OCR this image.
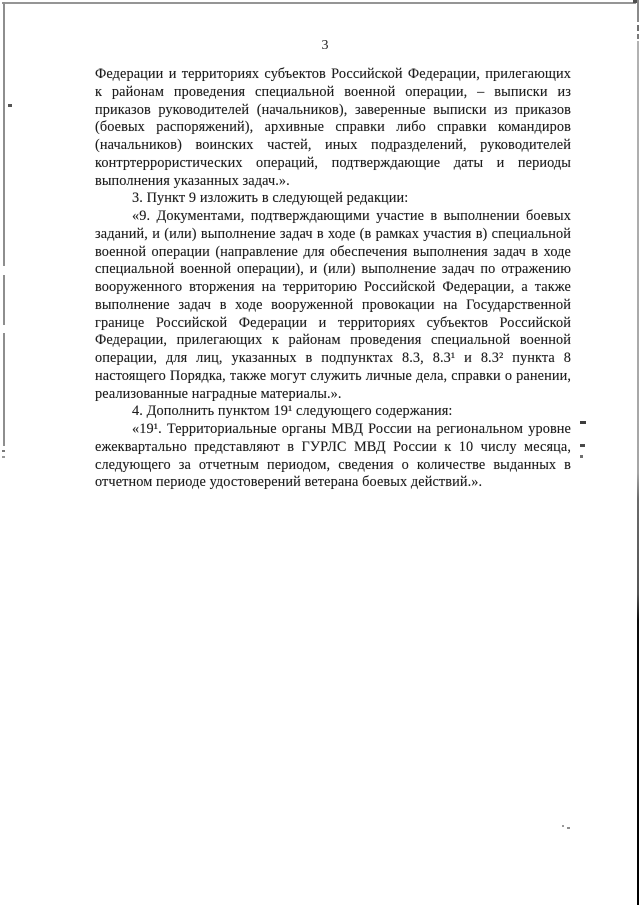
3

Федерации и территориях субъектов Российской Федерации, прилегающих к районам проведения специальной военной операции, – выписки из приказов руководителей (начальников), заверенные выписки из приказов (боевых распоряжений), архивные справки либо справки командиров (начальников) воинских частей, иных подразделений, руководителей контртеррористических операций, подтверждающие даты и периоды выполнения указанных задач.».

3. Пункт 9 изложить в следующей редакции:

«9. Документами, подтверждающими участие в выполнении боевых заданий, и (или) выполнение задач в ходе (в рамках участия в) специальной военной операции (направление для обеспечения выполнения задач в ходе специальной военной операции), и (или) выполнение задач по отражению вооруженного вторжения на территорию Российской Федерации, а также выполнение задач в ходе вооруженной провокации на Государственной границе Российской Федерации и территориях субъектов Российской Федерации, прилегающих к районам проведения специальной военной операции, для лиц, указанных в подпунктах 8.3, 8.3¹ и 8.3² пункта 8 настоящего Порядка, также могут служить личные дела, справки о ранении, реализованные наградные материалы.».

4. Дополнить пунктом 19¹ следующего содержания:

«19¹. Территориальные органы МВД России на региональном уровне ежеквартально представляют в ГУРЛС МВД России к 10 числу месяца, следующего за отчетным периодом, сведения о количестве выданных в отчетном периоде удостоверений ветерана боевых действий.».
